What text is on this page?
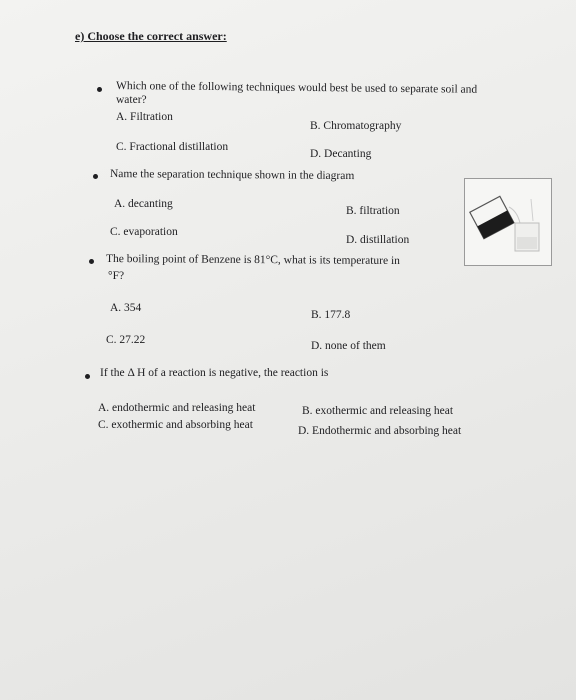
e) Choose the correct answer:
Which one of the following techniques would best be used to separate soil and
water?
A. Filtration
B. Chromatography
C. Fractional distillation
D. Decanting
Name the separation technique shown in the diagram
A. decanting
B. filtration
C. evaporation
D. distillation
The boiling point of Benzene is 81°C, what is its temperature in
°F?
A. 354
B. 177.8
C. 27.22	D. none of them
If the Δ H of a reaction is negative, the reaction is
A. endothermic and releasing heat	B. exothermic and releasing heat
C. exothermic and absorbing heat	D. Endothermic and absorbing heat
